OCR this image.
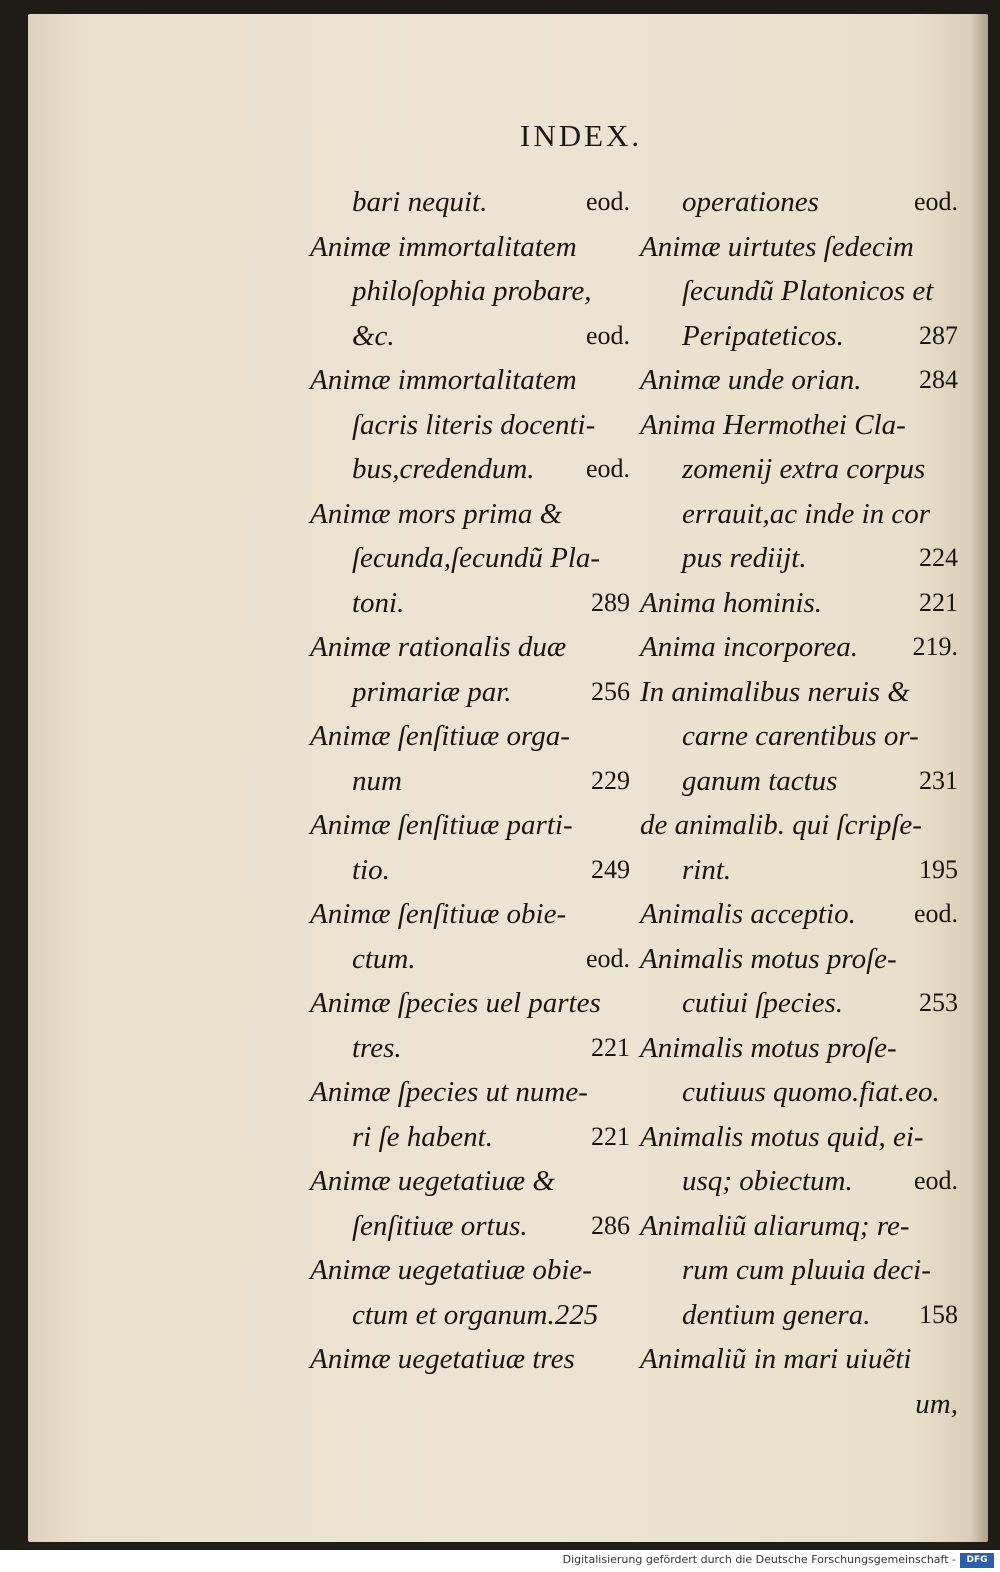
INDEX.
bari nequit.	eod.
Animæ immortalitatem
philoſophia probare,
&c.	eod.
Animæ immortalitatem
ſacris literis docenti-
bus,credendum. eod.
Animæ mors prima &
ſecunda,ſecundũ Pla-
toni.	289
Animæ rationalis duæ
primariæ par.	256
Animæ ſenſitiuæ orga-
num	229
Animæ ſenſitiuæ parti-
tio.	249
Animæ ſenſitiuæ obie-
ctum.	eod.
Animæ ſpecies uel partes
tres.	221
Animæ ſpecies ut nume-
ri ſe habent.	221
Animæ uegetatiuæ &
ſenſitiuæ ortus. 286
Animæ uegetatiuæ obie-
ctum et organum.225
Animæ uegetatiuæ tres
operationes	eod.
Animæ uirtutes ſedecim
ſecundũ Platonicos et
Peripateticos.	287
Animæ unde orian. 284
Anima Hermothei Cla-
zomenij extra corpus
errauit,ac inde in cor
pus rediijt.	224
Anima hominis.	221
Anima incorporea. 219.
In animalibus neruis &
carne carentibus or-
ganum tactus	231
de animalib. qui ſcripſe-
rint.	195
Animalis acceptio. eod.
Animalis motus proſe-
cutiui ſpecies.	253
Animalis motus proſe-
cutiuus quomo.fiat.eo.
Animalis motus quid, ei-
usq; obiectum. eod.
Animaliũ aliarumq; re-
rum cum pluuia deci-
dentium genera. 158
Animaliũ in mari uiuẽti
um,
Digitalisierung gefördert durch die Deutsche Forschungsgemeinschaft -	DFG
